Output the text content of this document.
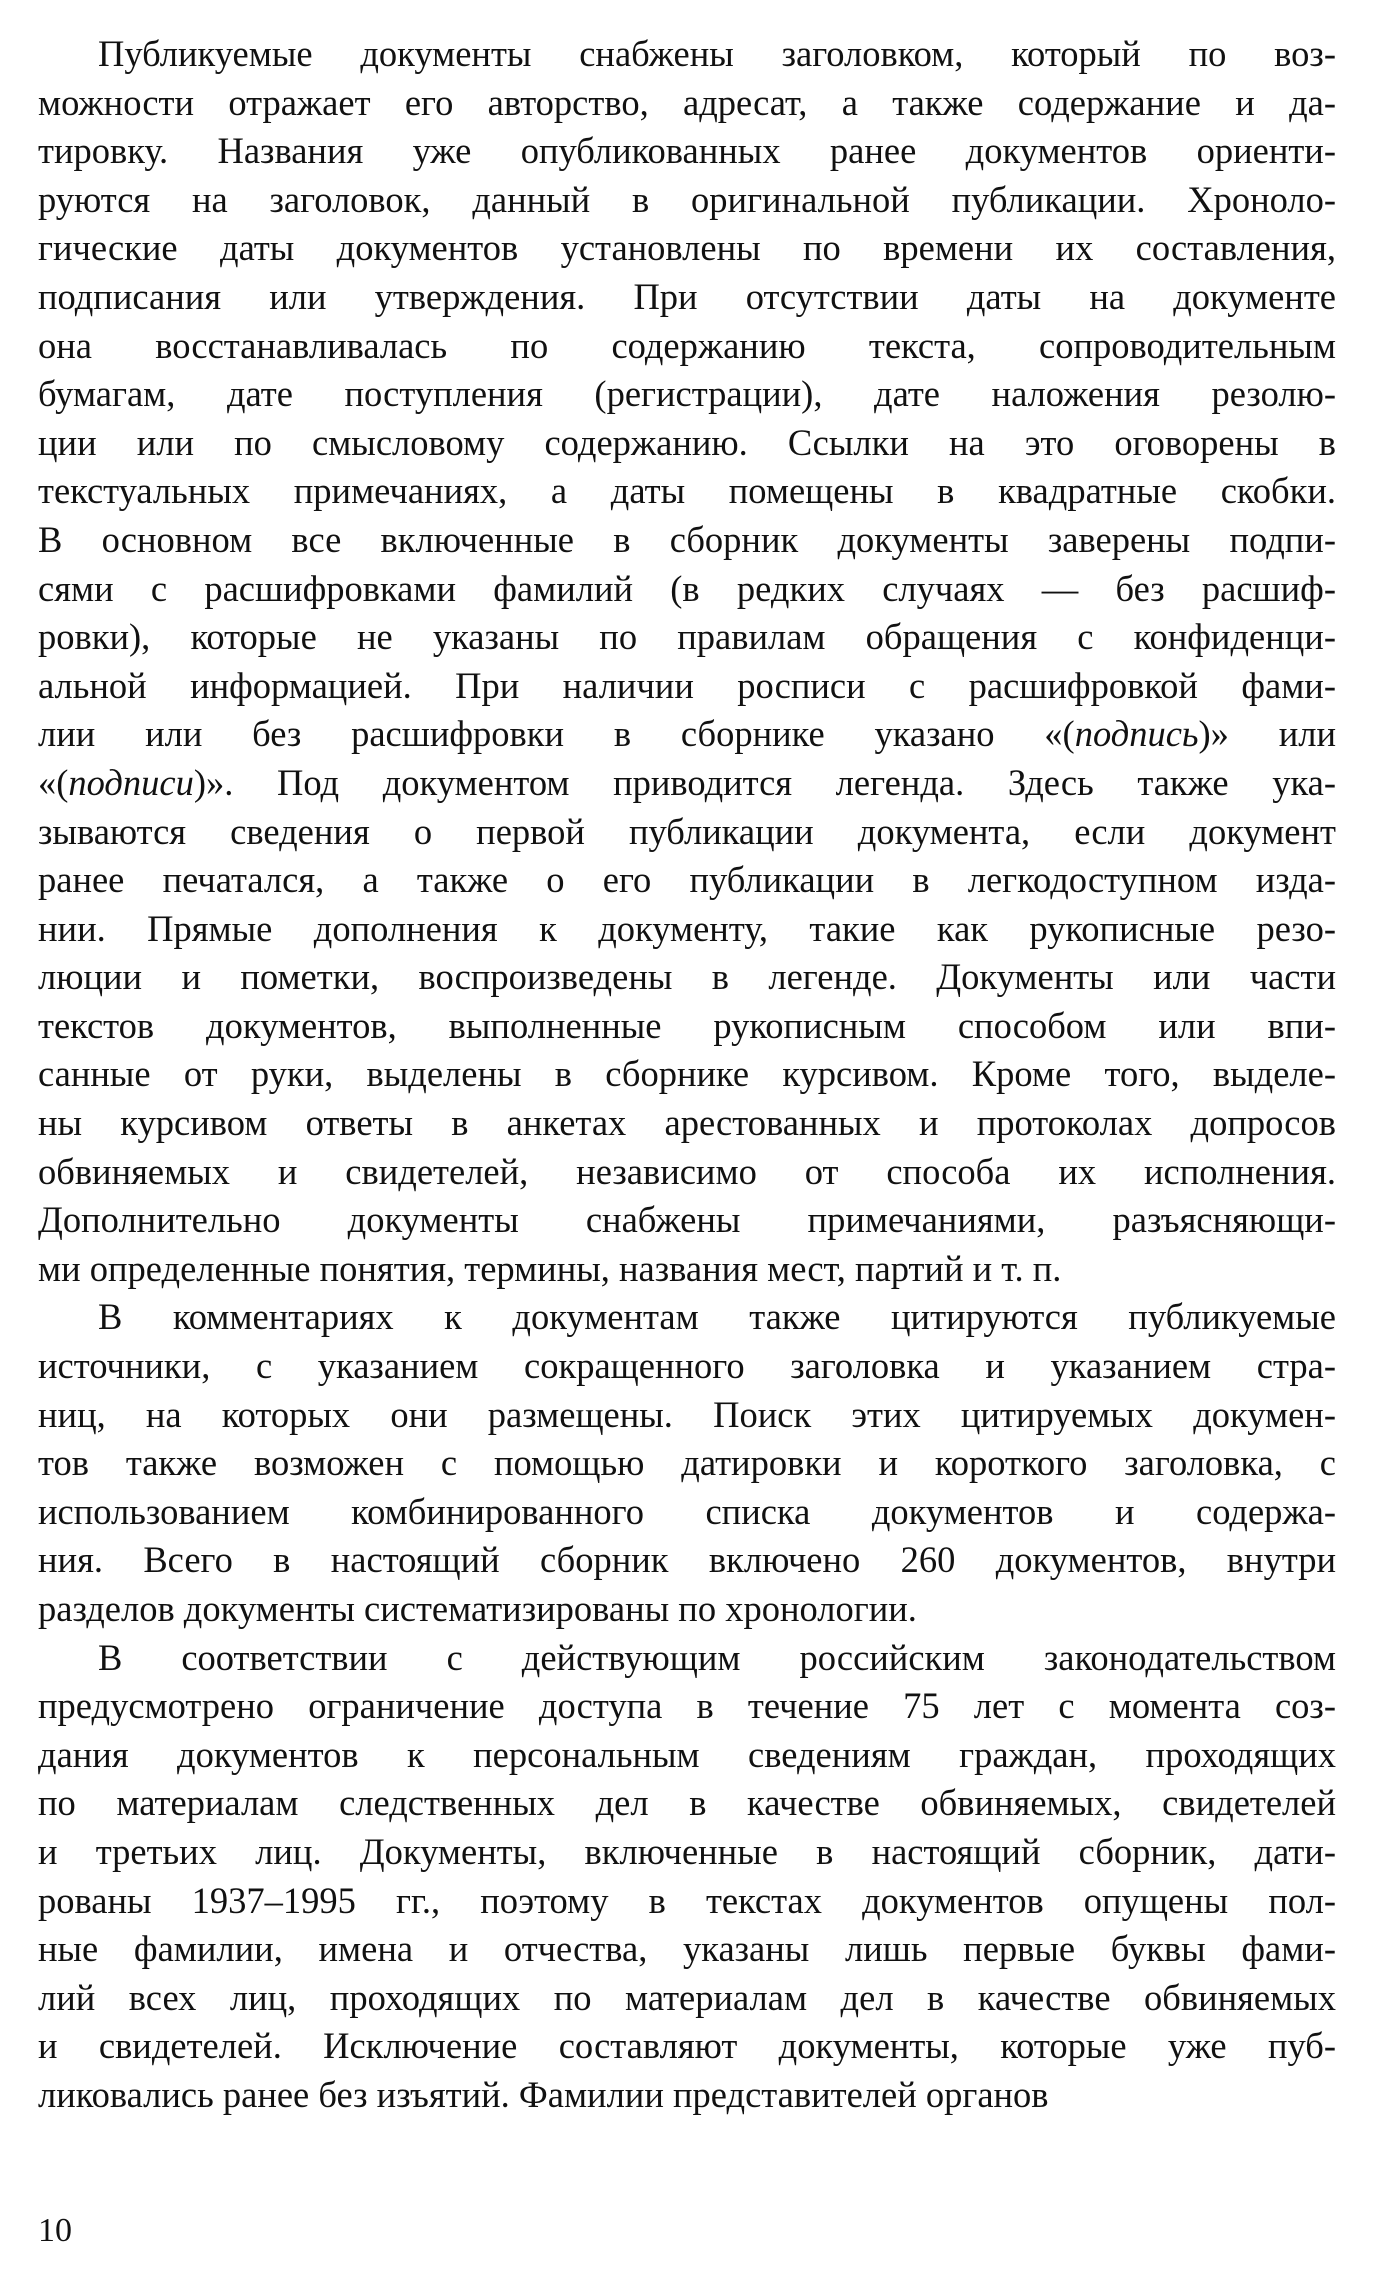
Публикуемые документы снабжены заголовком, который по воз-
можности отражает его авторство, адресат, а также содержание и да-
тировку. Названия уже опубликованных ранее документов ориенти-
руются на заголовок, данный в оригинальной публикации. Хроноло-
гические даты документов установлены по времени их составления,
подписания или утверждения. При отсутствии даты на документе
она восстанавливалась по содержанию текста, сопроводительным
бумагам, дате поступления (регистрации), дате наложения резолю-
ции или по смысловому содержанию. Ссылки на это оговорены в
текстуальных примечаниях, а даты помещены в квадратные скобки.
В основном все включенные в сборник документы заверены подпи-
сями с расшифровками фамилий (в редких случаях — без расшиф-
ровки), которые не указаны по правилам обращения с конфиденци-
альной информацией. При наличии росписи с расшифровкой фами-
лии или без расшифровки в сборнике указано «(подпись)» или
«(подписи)». Под документом приводится легенда. Здесь также ука-
зываются сведения о первой публикации документа, если документ
ранее печатался, а также о его публикации в легкодоступном изда-
нии. Прямые дополнения к документу, такие как рукописные резо-
люции и пометки, воспроизведены в легенде. Документы или части
текстов документов, выполненные рукописным способом или впи-
санные от руки, выделены в сборнике курсивом. Кроме того, выделе-
ны курсивом ответы в анкетах арестованных и протоколах допросов
обвиняемых и свидетелей, независимо от способа их исполнения.
Дополнительно документы снабжены примечаниями, разъясняющи-
ми определенные понятия, термины, названия мест, партий и т. п.
В комментариях к документам также цитируются публикуемые
источники, с указанием сокращенного заголовка и указанием стра-
ниц, на которых они размещены. Поиск этих цитируемых докумен-
тов также возможен с помощью датировки и короткого заголовка, с
использованием комбинированного списка документов и содержа-
ния. Всего в настоящий сборник включено 260 документов, внутри
разделов документы систематизированы по хронологии.
В соответствии с действующим российским законодательством
предусмотрено ограничение доступа в течение 75 лет с момента соз-
дания документов к персональным сведениям граждан, проходящих
по материалам следственных дел в качестве обвиняемых, свидетелей
и третьих лиц. Документы, включенные в настоящий сборник, дати-
рованы 1937–1995 гг., поэтому в текстах документов опущены пол-
ные фамилии, имена и отчества, указаны лишь первые буквы фами-
лий всех лиц, проходящих по материалам дел в качестве обвиняемых
и свидетелей. Исключение составляют документы, которые уже пуб-
ликовались ранее без изъятий. Фамилии представителей органов
10
